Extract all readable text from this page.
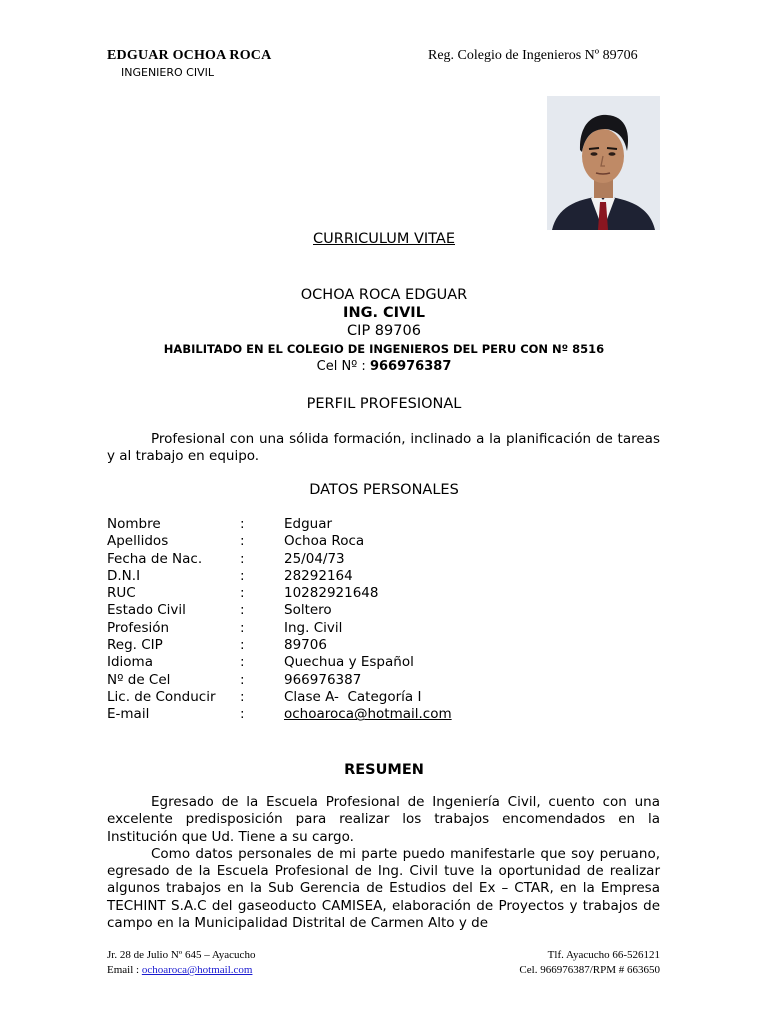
EDGUAR OCHOA ROCA
INGENIERO CIVIL
Reg. Colegio de Ingenieros Nº 89706
CURRICULUM VITAE
OCHOA ROCA EDGUAR
ING. CIVIL
CIP 89706
HABILITADO EN EL COLEGIO DE INGENIEROS DEL PERU CON Nº 8516
Cel Nº : 966976387
PERFIL PROFESIONAL

Profesional con una sólida formación, inclinado a la planificación de tareas y al trabajo en equipo.

DATOS PERSONALES
Nombre	:	Edguar
Apellidos	:	Ochoa Roca
Fecha de Nac.	:	25/04/73
D.N.I	:	28292164
RUC	:	10282921648
Estado Civil	:	Soltero
Profesión	:	Ing. Civil
Reg. CIP	:	89706
Idioma	:	Quechua y Español
Nº de Cel	:	966976387
Lic. de Conducir :	Clase A-  Categoría I
E-mail	:	ochoaroca@hotmail.com
RESUMEN

Egresado de la Escuela Profesional de Ingeniería Civil, cuento con una excelente predisposición para realizar los trabajos encomendados en la Institución que Ud. Tiene a su cargo.

Como datos personales de mi parte puedo manifestarle que soy peruano, egresado de la Escuela Profesional de Ing. Civil tuve la oportunidad de realizar algunos trabajos en la Sub Gerencia de Estudios del Ex – CTAR, en la Empresa TECHINT S.A.C del gaseoducto CAMISEA, elaboración de Proyectos y trabajos de campo en la Municipalidad Distrital de Carmen Alto y de

Jr. 28 de Julio Nº 645 – Ayacucho
Email : ochoaroca@hotmail.com
Tlf. Ayacucho 66-526121
Cel. 966976387/RPM # 663650
